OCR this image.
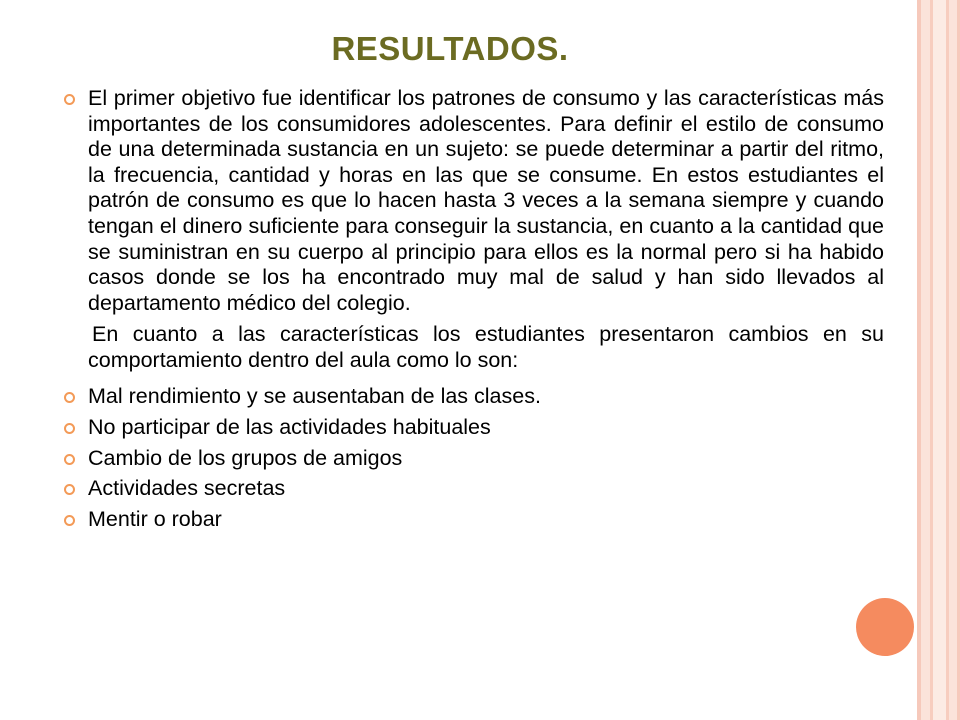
RESULTADOS.
El primer objetivo fue identificar los patrones de consumo y las características más importantes de los consumidores adolescentes. Para definir el estilo de consumo de una determinada sustancia en un sujeto: se puede determinar a partir del ritmo, la frecuencia, cantidad y horas en las que se consume. En estos estudiantes el patrón de consumo es que lo hacen hasta 3 veces a la semana siempre y cuando tengan el dinero suficiente para conseguir la sustancia, en cuanto a la cantidad que se suministran en su cuerpo al principio para ellos es la normal pero si ha habido casos donde se los ha encontrado muy mal de salud y han sido llevados al departamento médico del colegio.
En cuanto a las características los estudiantes presentaron cambios en su comportamiento dentro del aula como lo son:
Mal rendimiento y se ausentaban de las clases.
No participar de las actividades habituales
Cambio de los grupos de amigos
Actividades secretas
Mentir o robar
